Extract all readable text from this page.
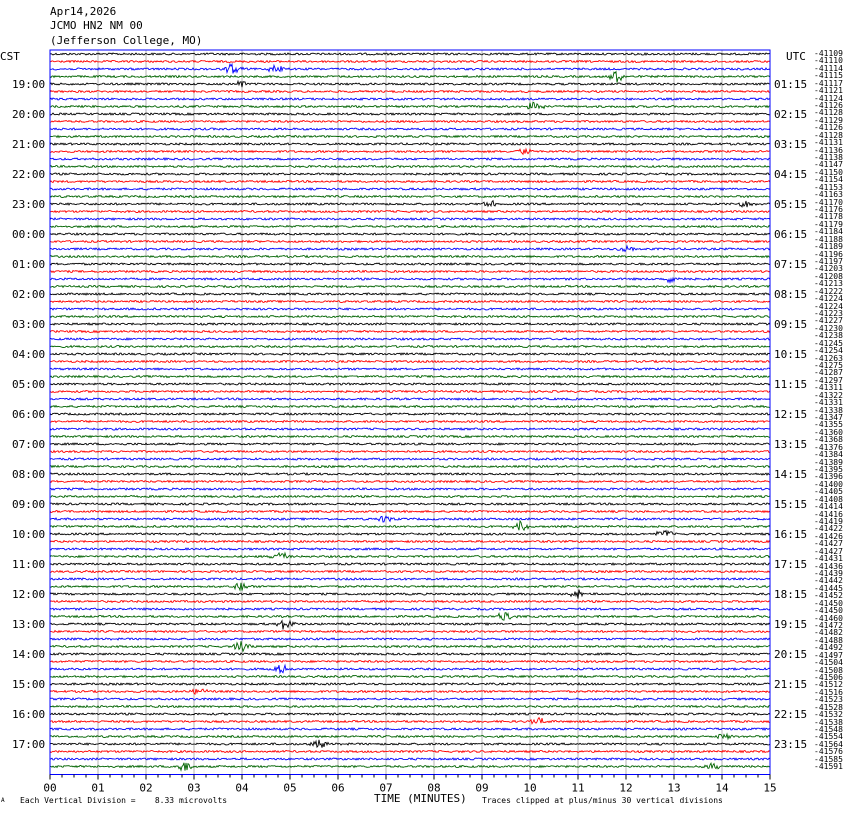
Apr14,2026
JCMO HN2 NM 00
(Jefferson College, MO)
CST	UTC
00	01	02	03	04	05	06	07	08	09	10	11	12	13	14	15
19:00
20:00
21:00
22:00
23:00
00:00
01:00
02:00
03:00
04:00
05:00
06:00
07:00
08:00
09:00
10:00
11:00
12:00
13:00
14:00
15:00
16:00
17:00
01:15
02:15
03:15
04:15
05:15
06:15
07:15
08:15
09:15
10:15
11:15
12:15
13:15
14:15
15:15
16:15
17:15
18:15
19:15
20:15
21:15
22:15
23:15
-41109
-41110
-41114
-41115
-41117
-41121
-41124
-41126
-41128
-41129
-41126
-41128
-41131
-41136
-41138
-41147
-41150
-41154
-41153
-41163
-41170
-41176
-41178
-41179
-41184
-41188
-41189
-41196
-41197
-41203
-41208
-41213
-41222
-41224
-41224
-41223
-41227
-41230
-41238
-41245
-41254
-41263
-41275
-41287
-41297
-41311
-41322
-41331
-41338
-41347
-41355
-41360
-41368
-41376
-41384
-41389
-41395
-41396
-41400
-41405
-41408
-41414
-41416
-41419
-41422
-41426
-41427
-41427
-41431
-41436
-41439
-41442
-41445
-41452
-41450
-41450
-41460
-41472
-41482
-41488
-41492
-41497
-41504
-41508
-41506
-41512
-41516
-41523
-41528
-41532
-41538
-41548
-41554
-41564
-41576
-41585
-41591
A Each Vertical Division =    8.33 microvolts	TIME (MINUTES) Traces clipped at plus/minus 30 vertical divisions
